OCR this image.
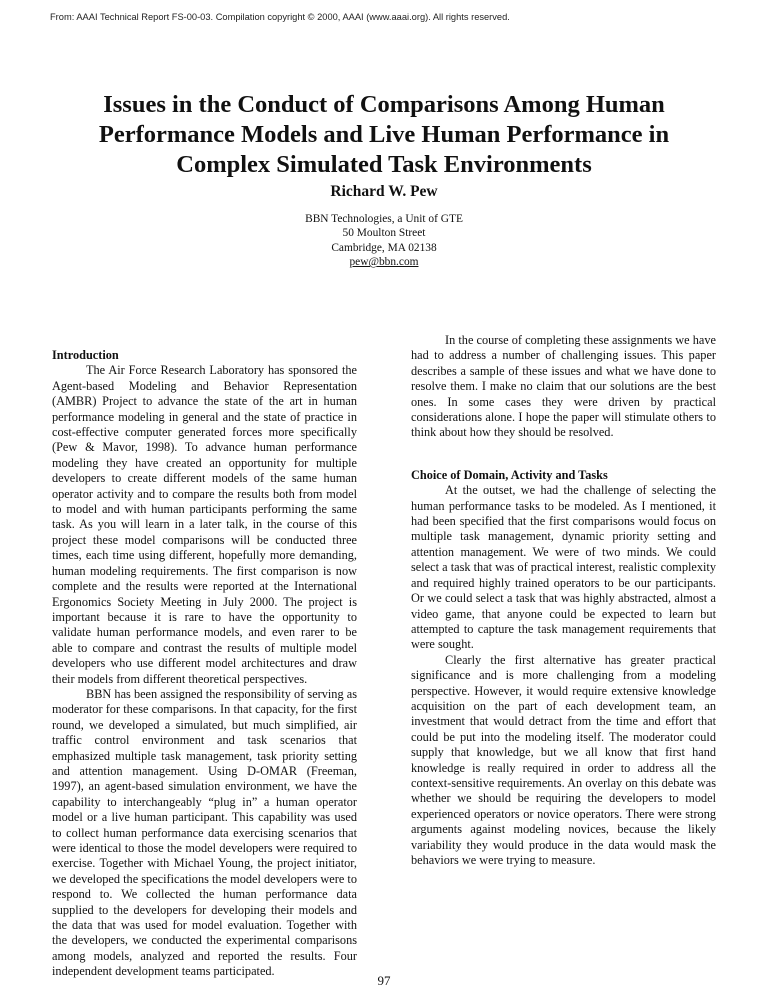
From: AAAI Technical Report FS-00-03. Compilation copyright © 2000, AAAI (www.aaai.org). All rights reserved.
Issues in the Conduct of Comparisons Among Human Performance Models and Live Human Performance in Complex Simulated Task Environments
Richard W. Pew
BBN Technologies, a Unit of GTE
50 Moulton Street
Cambridge, MA 02138
pew@bbn.com
Introduction

The Air Force Research Laboratory has sponsored the Agent-based Modeling and Behavior Representation (AMBR) Project to advance the state of the art in human performance modeling in general and the state of practice in cost-effective computer generated forces more specifically (Pew & Mavor, 1998). To advance human performance modeling they have created an opportunity for multiple developers to create different models of the same human operator activity and to compare the results both from model to model and with human participants performing the same task. As you will learn in a later talk, in the course of this project these model comparisons will be conducted three times, each time using different, hopefully more demanding, human modeling requirements. The first comparison is now complete and the results were reported at the International Ergonomics Society Meeting in July 2000. The project is important because it is rare to have the opportunity to validate human performance models, and even rarer to be able to compare and contrast the results of multiple model developers who use different model architectures and draw their models from different theoretical perspectives.

BBN has been assigned the responsibility of serving as moderator for these comparisons. In that capacity, for the first round, we developed a simulated, but much simplified, air traffic control environment and task scenarios that emphasized multiple task management, task priority setting and attention management. Using D-OMAR (Freeman, 1997), an agent-based simulation environment, we have the capability to interchangeably “plug in” a human operator model or a live human participant. This capability was used to collect human performance data exercising scenarios that were identical to those the model developers were required to exercise. Together with Michael Young, the project initiator, we developed the specifications the model developers were to respond to. We collected the human performance data supplied to the developers for developing their models and the data that was used for model evaluation. Together with the developers, we conducted the experimental comparisons among models, analyzed and reported the results. Four independent development teams participated.

In the course of completing these assignments we have had to address a number of challenging issues. This paper describes a sample of these issues and what we have done to resolve them. I make no claim that our solutions are the best ones. In some cases they were driven by practical considerations alone. I hope the paper will stimulate others to think about how they should be resolved.

Choice of Domain, Activity and Tasks

At the outset, we had the challenge of selecting the human performance tasks to be modeled. As I mentioned, it had been specified that the first comparisons would focus on multiple task management, dynamic priority setting and attention management. We were of two minds. We could select a task that was of practical interest, realistic complexity and required highly trained operators to be our participants. Or we could select a task that was highly abstracted, almost a video game, that anyone could be expected to learn but attempted to capture the task management requirements that were sought.

Clearly the first alternative has greater practical significance and is more challenging from a modeling perspective. However, it would require extensive knowledge acquisition on the part of each development team, an investment that would detract from the time and effort that could be put into the modeling itself. The moderator could supply that knowledge, but we all know that first hand knowledge is really required in order to address all the context-sensitive requirements. An overlay on this debate was whether we should be requiring the developers to model experienced operators or novice operators. There were strong arguments against modeling novices, because the likely variability they would produce in the data would mask the behaviors we were trying to measure.

97
